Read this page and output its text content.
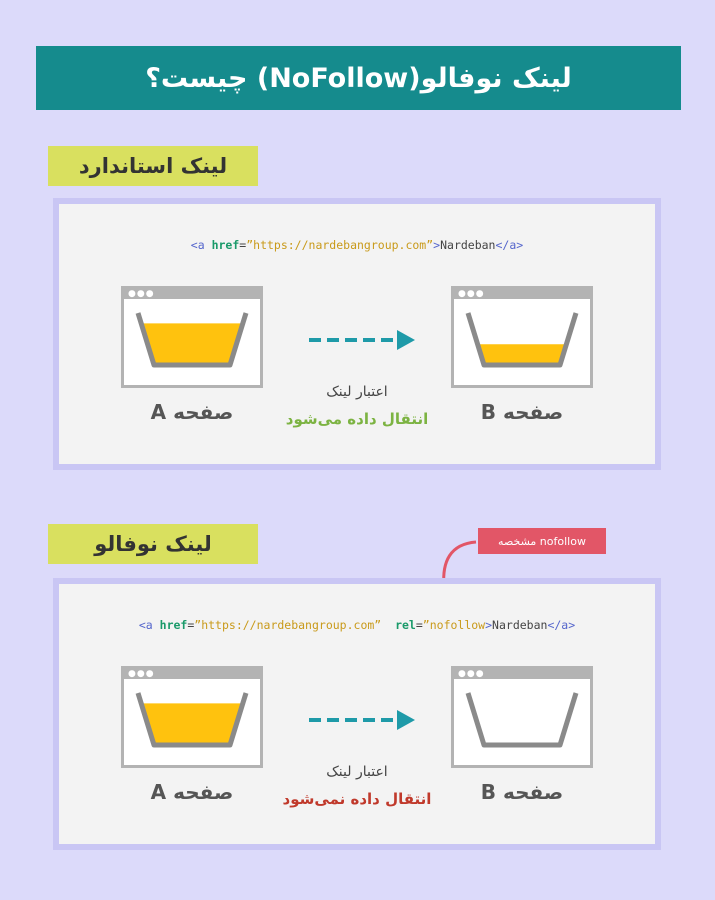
لینک نوفالو(NoFollow) چیست؟
لینک استاندارد
<a href=”https://nardebangroup.com”>Nardeban</a>
●●●	●●●
صفحه A	صفحه B
اعتبار لینک
انتقال داده می‌شود
لینک نوفالو	nofollow مشخصه
<a href=”https://nardebangroup.com” rel=”nofollow>Nardeban</a>
●●●	●●●
صفحه A	صفحه B
اعتبار لینک
انتقال داده نمی‌شود
